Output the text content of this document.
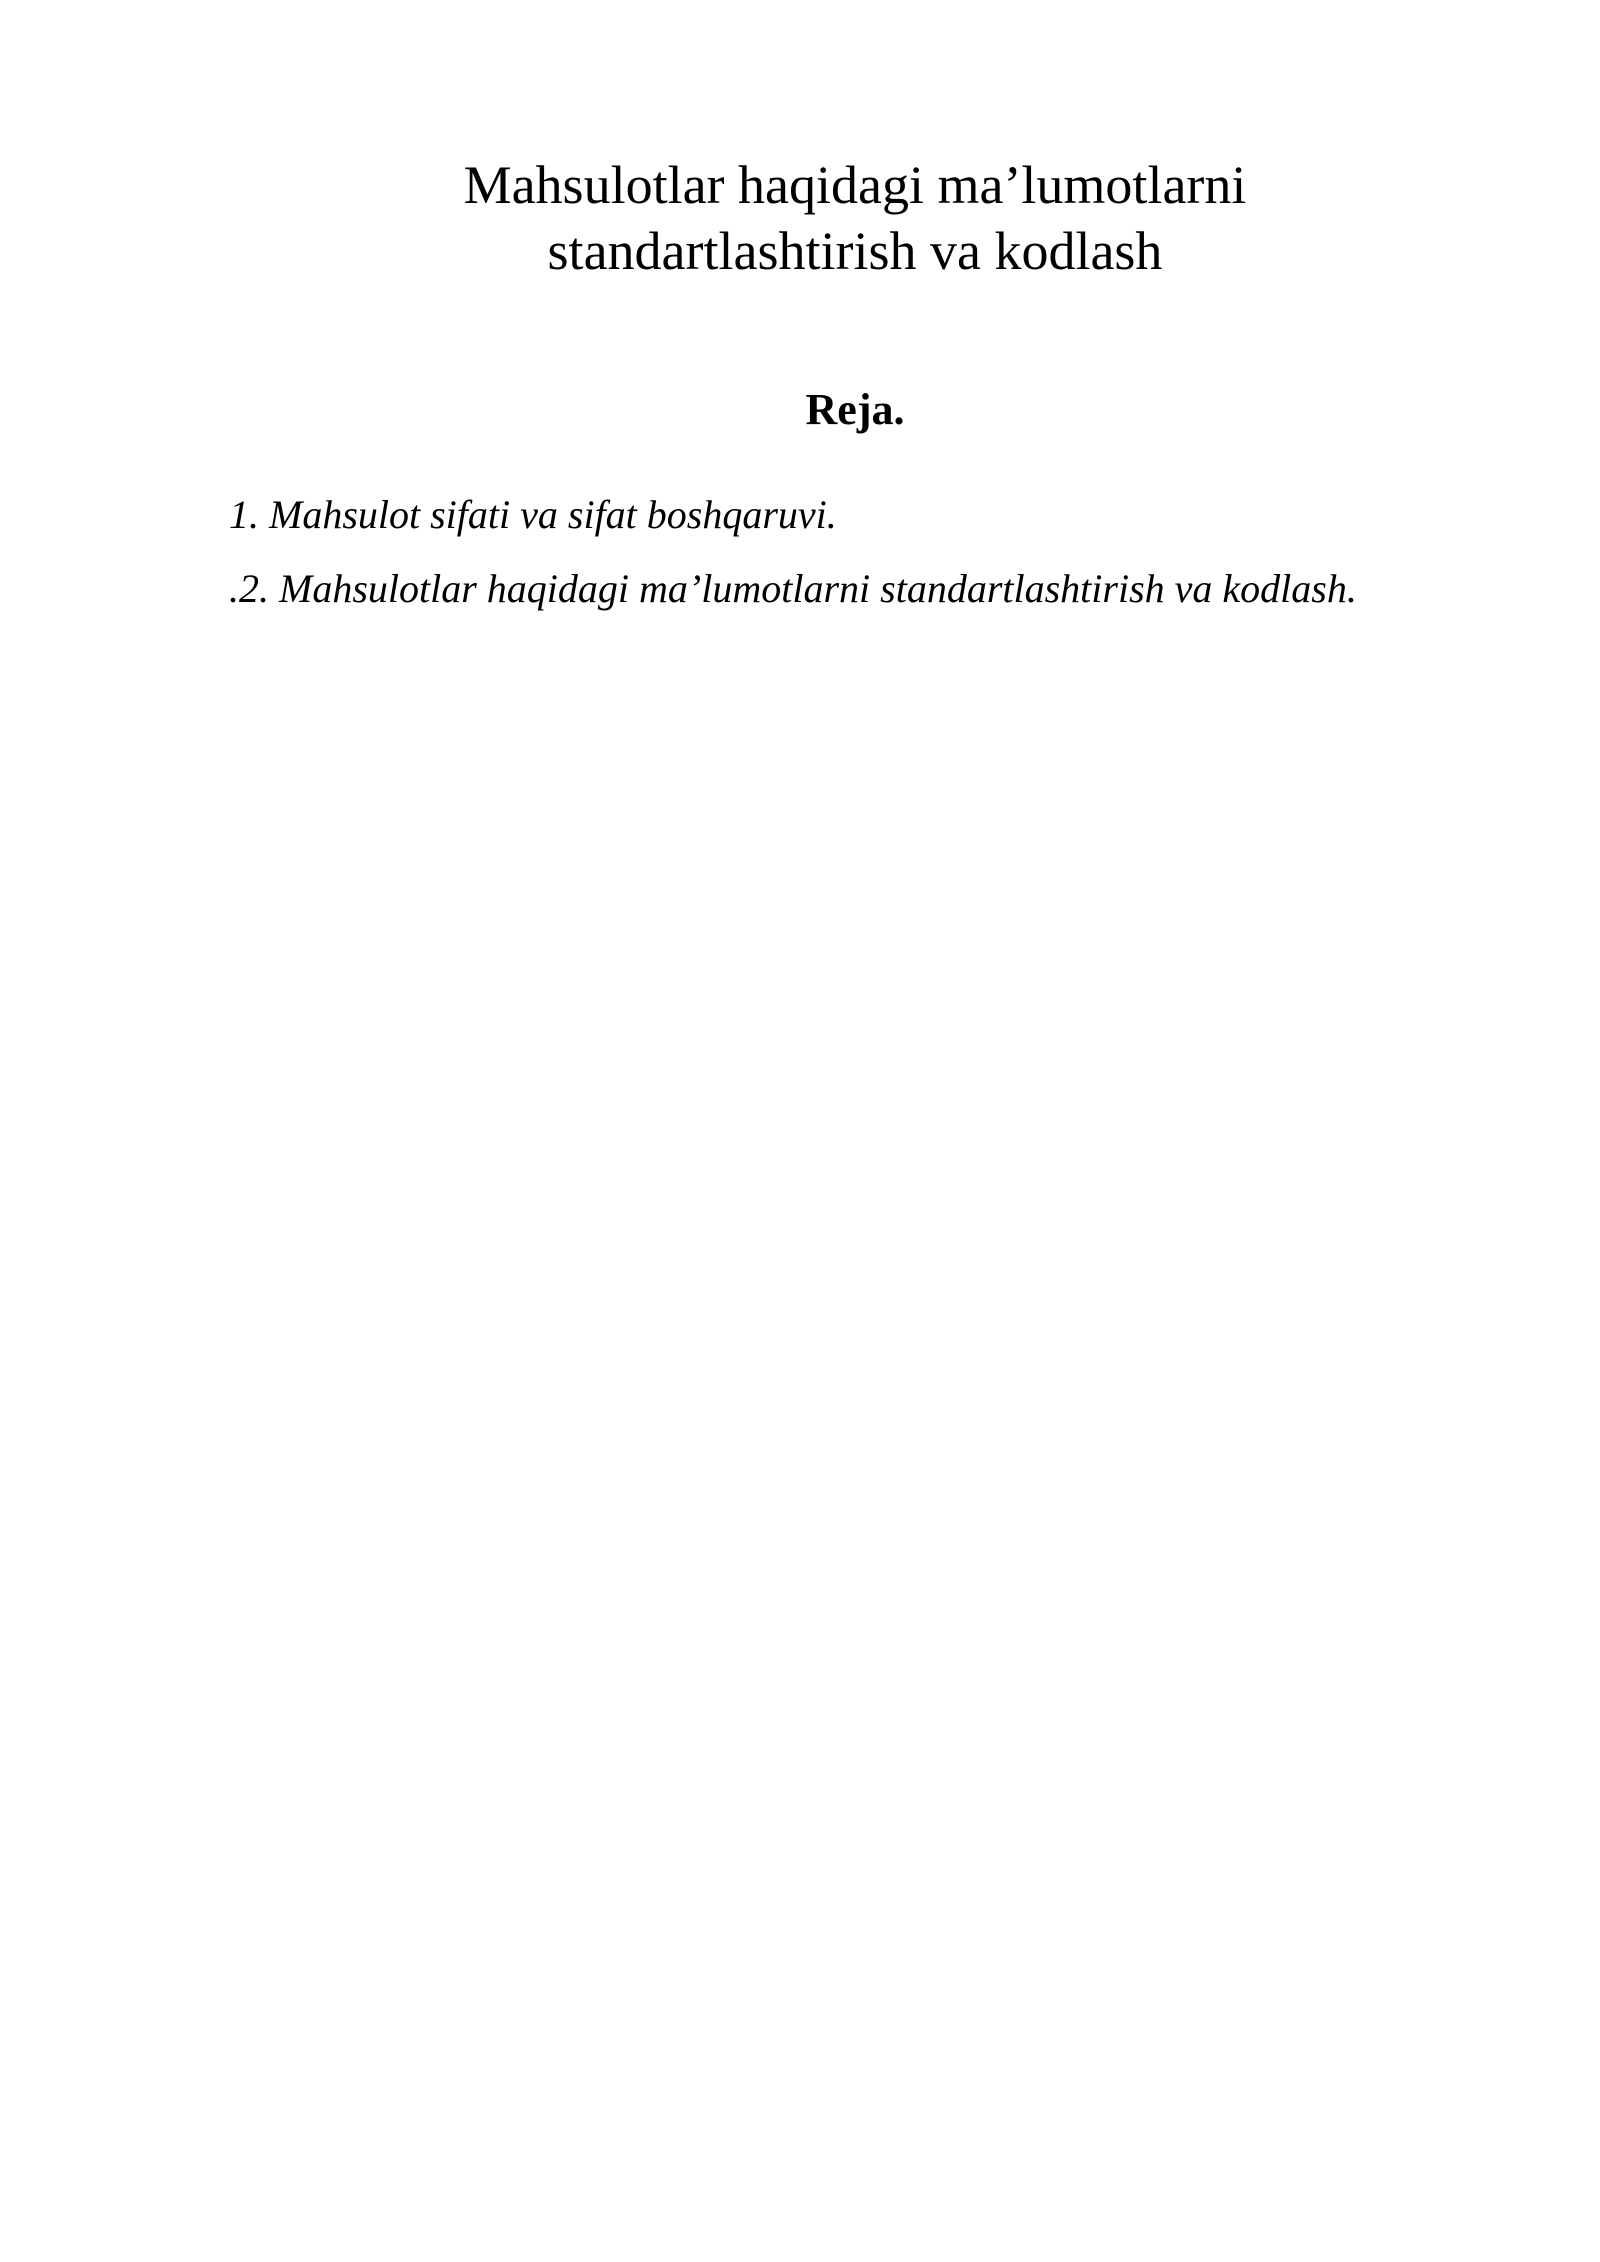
Mahsulotlar haqidagi ma’lumotlarni
standartlashtirish va kodlash
Reja.
1. Mahsulot sifati va sifat boshqaruvi.
.2. Mahsulotlar haqidagi ma’lumotlarni standartlashtirish va kodlash.
